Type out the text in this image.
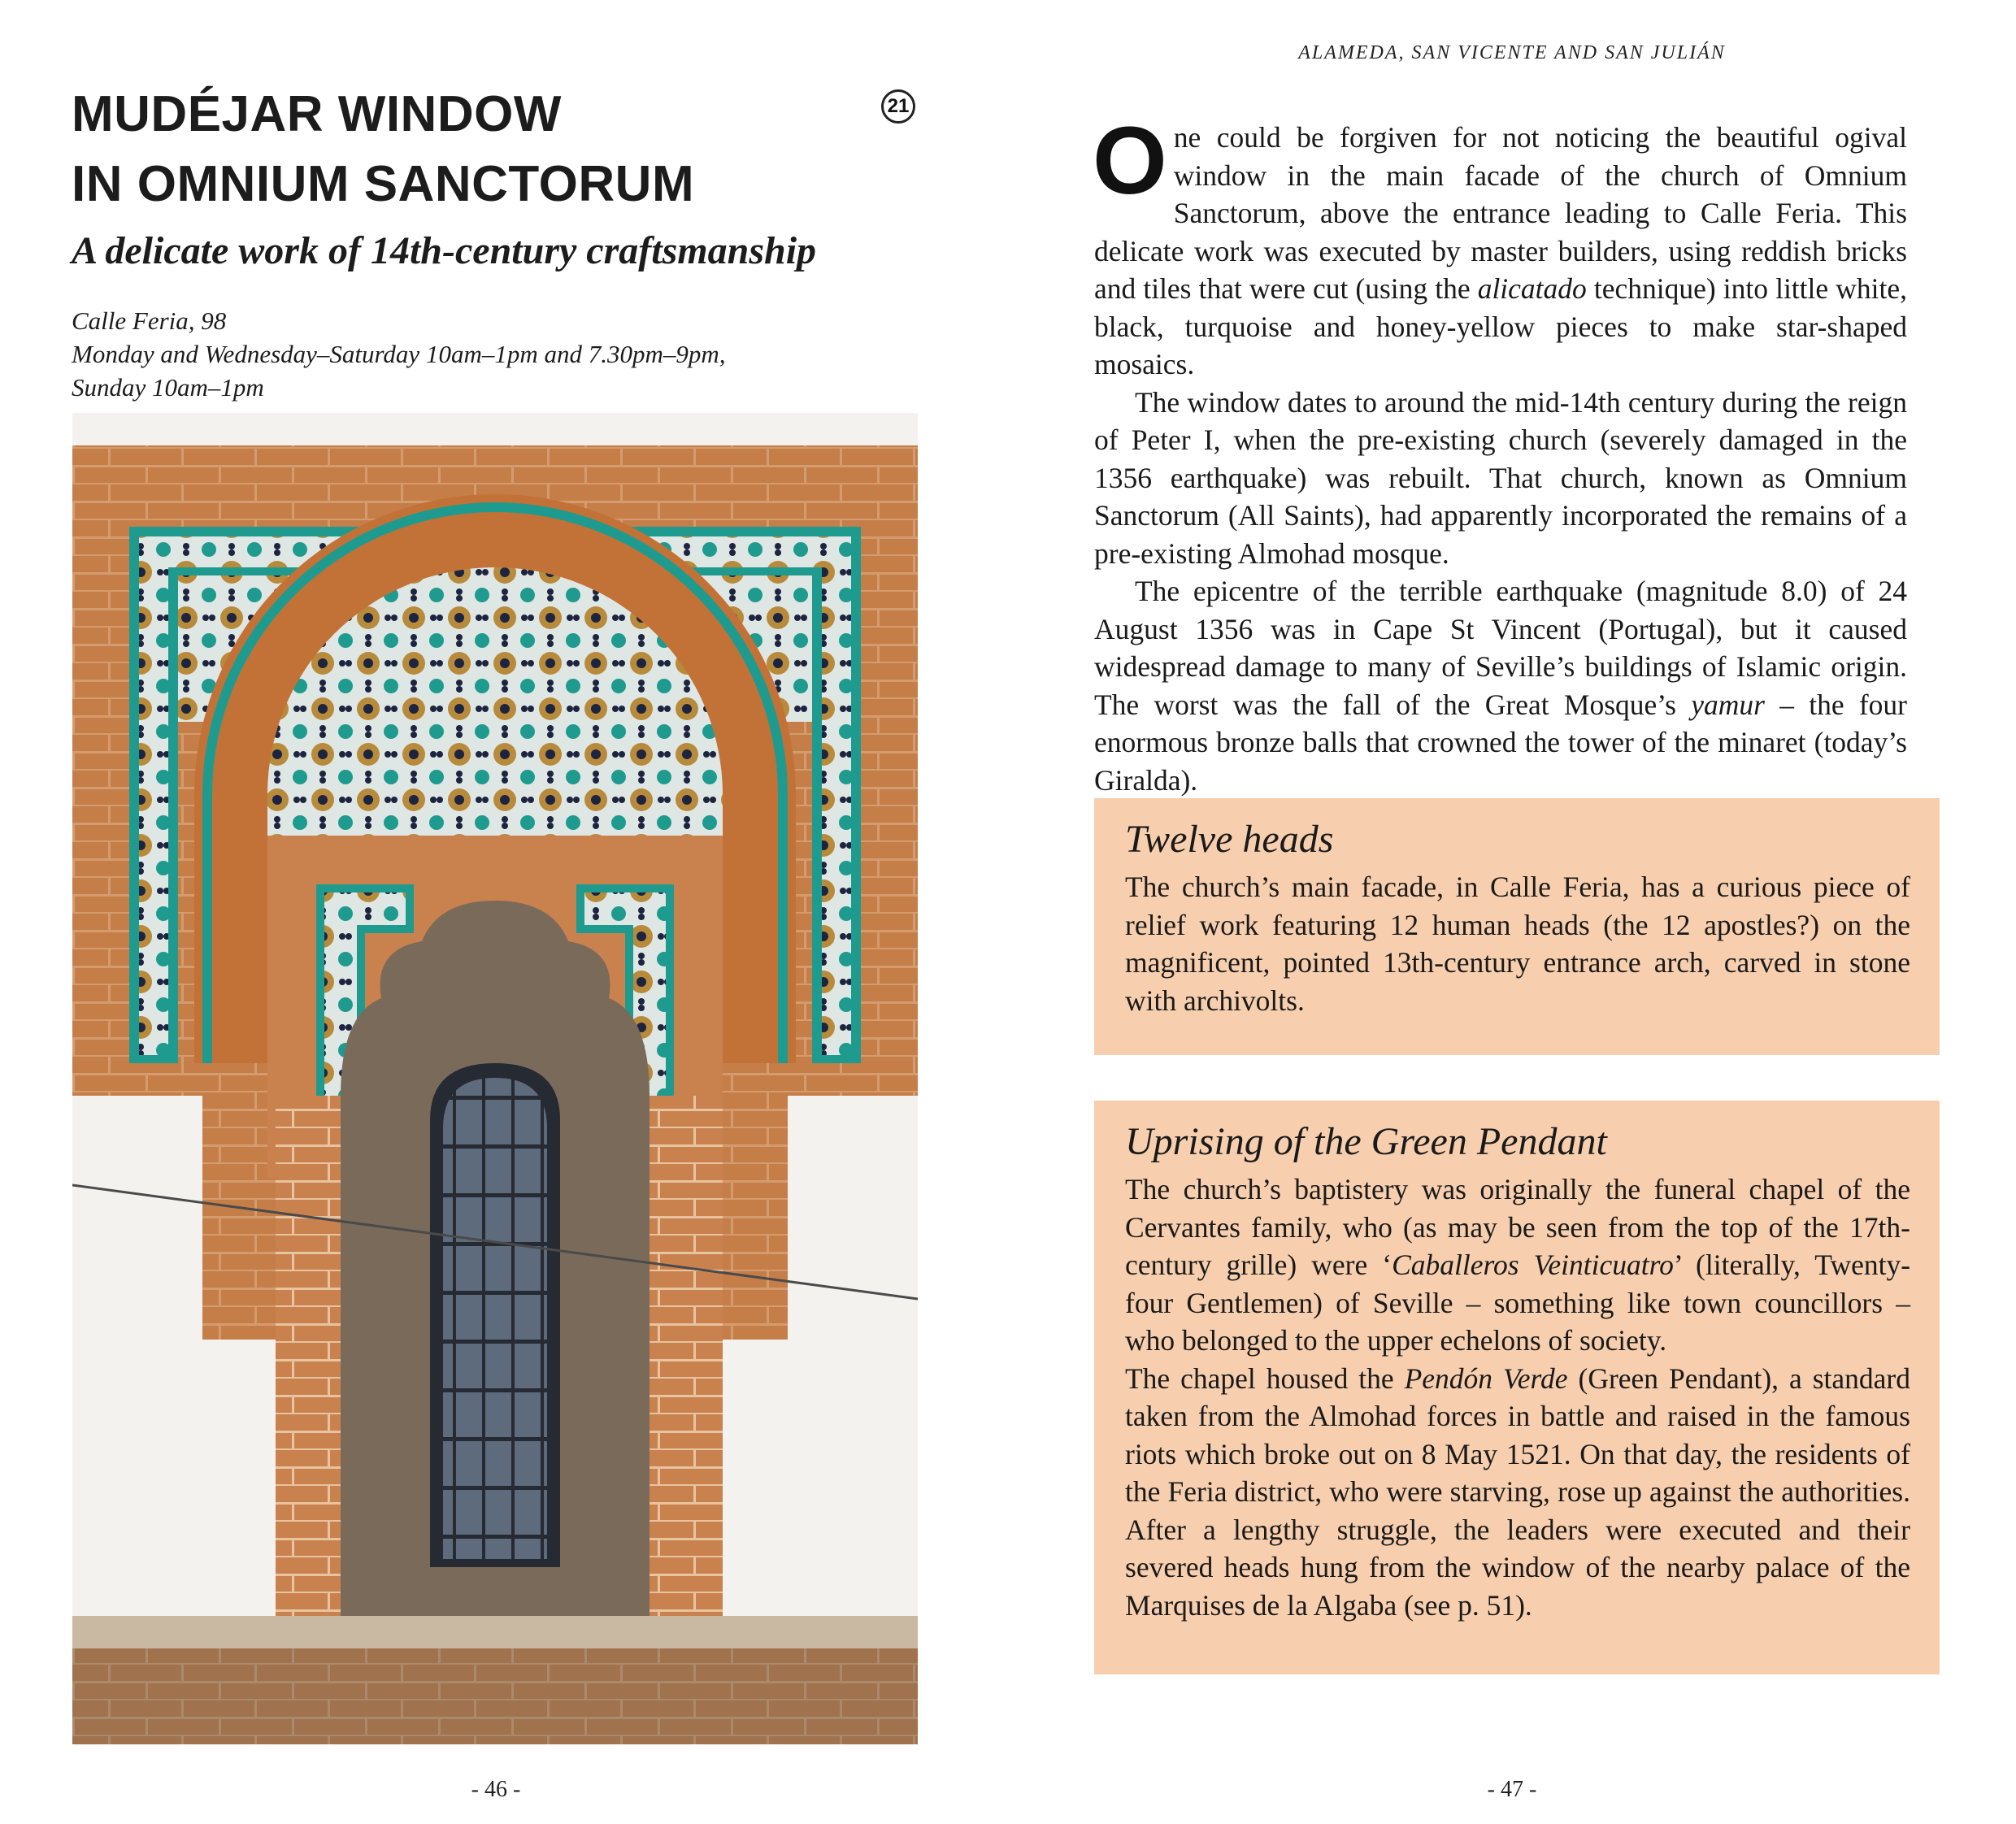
MUDÉJAR WINDOW
IN OMNIUM SANCTORUM
21
A delicate work of 14th-century craftsmanship
Calle Feria, 98
Monday and Wednesday–Saturday 10am–1pm and 7.30pm–9pm,
Sunday 10am–1pm
- 46 -
ALAMEDA, SAN VICENTE AND SAN JULIÁN

One could be forgiven for not noticing the beautiful ogival window in the main facade of the church of Omnium Sanctorum, above the entrance leading to Calle Feria. This delicate work was executed by master builders, using reddish bricks and tiles that were cut (using the alicatado technique) into little white, black, turquoise and honey-yellow pieces to make star-shaped mosaics.

The window dates to around the mid-14th century during the reign of Peter I, when the pre-existing church (severely damaged in the 1356 earthquake) was rebuilt. That church, known as Omnium Sanctorum (All Saints), had apparently incorporated the remains of a pre-existing Almohad mosque.

The epicentre of the terrible earthquake (magnitude 8.0) of 24 August 1356 was in Cape St Vincent (Portugal), but it caused widespread damage to many of Seville’s buildings of Islamic origin. The worst was the fall of the Great Mosque’s yamur – the four enormous bronze balls that crowned the tower of the minaret (today’s Giralda).

Twelve heads

The church’s main facade, in Calle Feria, has a curious piece of relief work featuring 12 human heads (the 12 apostles?) on the magnificent, pointed 13th-century entrance arch, carved in stone with archivolts.

Uprising of the Green Pendant

The church’s baptistery was originally the funeral chapel of the Cervantes family, who (as may be seen from the top of the 17th-century grille) were ‘Caballeros Veinticuatro’ (literally, Twenty-four Gentlemen) of Seville – something like town councillors – who belonged to the upper echelons of society.

The chapel housed the Pendón Verde (Green Pendant), a standard taken from the Almohad forces in battle and raised in the famous riots which broke out on 8 May 1521. On that day, the residents of the Feria district, who were starving, rose up against the authorities. After a lengthy struggle, the leaders were executed and their severed heads hung from the window of the nearby palace of the Marquises de la Algaba (see p. 51).

- 47 -
